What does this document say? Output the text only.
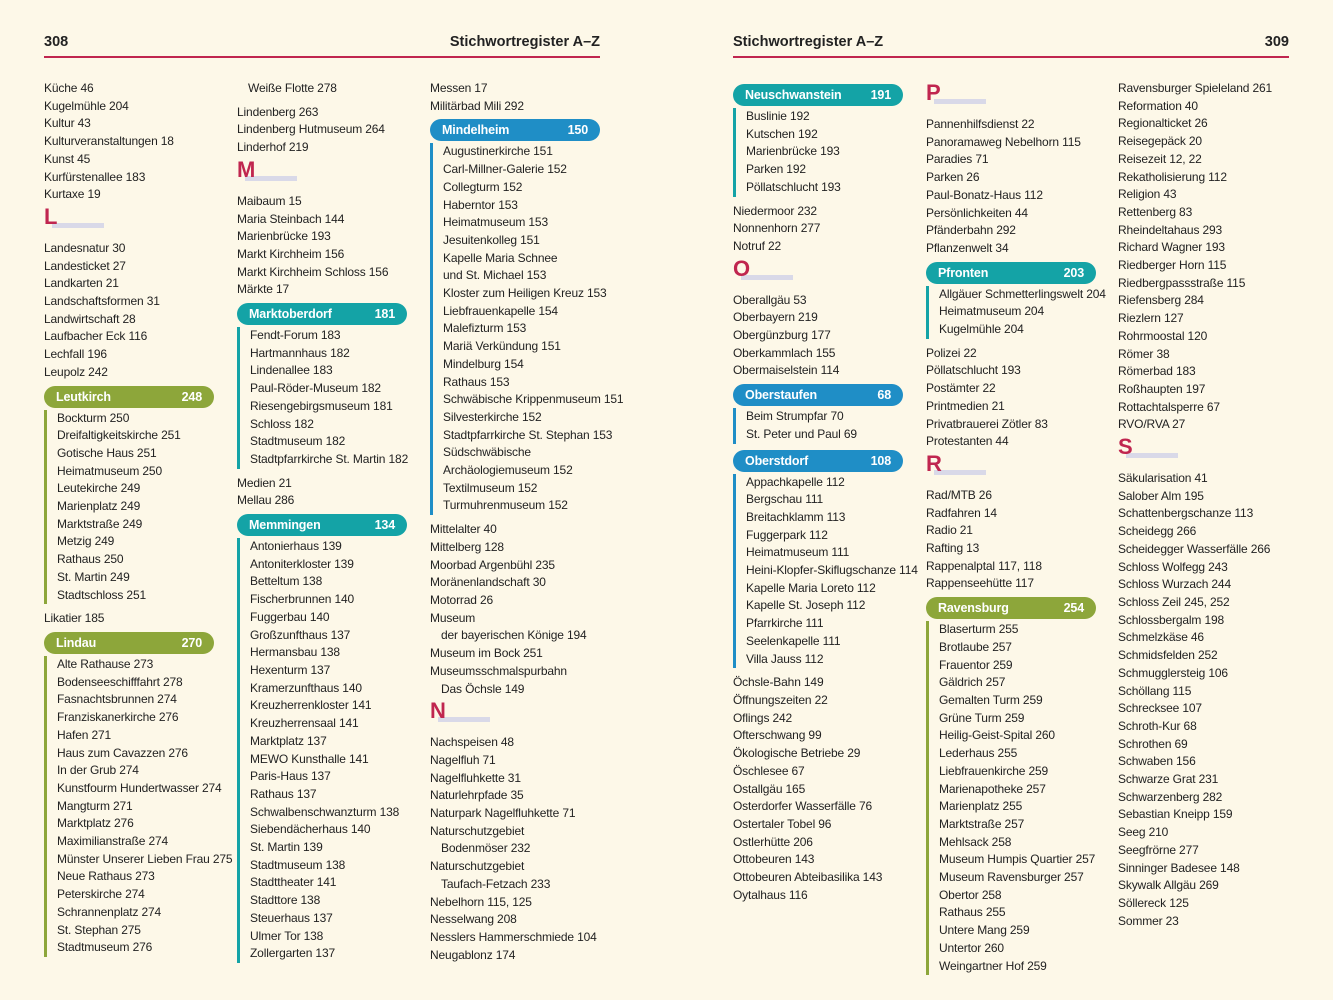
308	Stichwortregister A–Z	Stichwortregister A–Z	309
Küche 46
Kugelmühle 204
Kultur 43
Kulturveranstaltungen 18
Kunst 45
Kurfürstenallee 183
Kurtaxe 19
L
Landesnatur 30
Landesticket 27
Landkarten 21
Landschaftsformen 31
Landwirtschaft 28
Laufbacher Eck 116
Lechfall 196
Leupolz 242
Leutkirch	248
Bockturm 250
Dreifaltigkeitskirche 251
Gotische Haus 251
Heimatmuseum 250
Leutekirche 249
Marienplatz 249
Marktstraße 249
Metzig 249
Rathaus 250
St. Martin 249
Stadtschloss 251
Likatier 185
Lindau	270
Alte Rathause 273
Bodenseeschifffahrt 278
Fasnachtsbrunnen 274
Franziskanerkirche 276
Hafen 271
Haus zum Cavazzen 276
In der Grub 274
Kunstfourm Hundertwasser 274
Mangturm 271
Marktplatz 276
Maximilianstraße 274
Münster Unserer Lieben Frau 275
Neue Rathaus 273
Peterskirche 274
Schrannenplatz 274
St. Stephan 275
Stadtmuseum 276
Weiße Flotte 278
Lindenberg 263
Lindenberg Hutmuseum 264
Linderhof 219
M
Maibaum 15
Maria Steinbach 144
Marienbrücke 193
Markt Kirchheim 156
Markt Kirchheim Schloss 156
Märkte 17
Marktoberdorf	181
Fendt-Forum 183
Hartmannhaus 182
Lindenallee 183
Paul-Röder-Museum 182
Riesengebirgsmuseum 181
Schloss 182
Stadtmuseum 182
Stadtpfarrkirche St. Martin 182
Medien 21
Mellau 286
Memmingen	134
Antonierhaus 139
Antoniterkloster 139
Betteltum 138
Fischerbrunnen 140
Fuggerbau 140
Großzunfthaus 137
Hermansbau 138
Hexenturm 137
Kramerzunfthaus 140
Kreuzherrenkloster 141
Kreuzherrensaal 141
Marktplatz 137
MEWO Kunsthalle 141
Paris-Haus 137
Rathaus 137
Schwalbenschwanzturm 138
Siebendächerhaus 140
St. Martin 139
Stadtmuseum 138
Stadttheater 141
Stadttore 138
Steuerhaus 137
Ulmer Tor 138
Zollergarten 137
Messen 17
Militärbad Mili 292
Mindelheim	150
Augustinerkirche 151
Carl-Millner-Galerie 152
Collegturm 152
Haberntor 153
Heimatmuseum 153
Jesuitenkolleg 151
Kapelle Maria Schnee
und St. Michael 153
Kloster zum Heiligen Kreuz 153
Liebfrauenkapelle 154
Malefizturm 153
Mariä Verkündung 151
Mindelburg 154
Rathaus 153
Schwäbische Krippenmuseum 151
Silvesterkirche 152
Stadtpfarrkirche St. Stephan 153
Südschwäbische
Archäologiemuseum 152
Textilmuseum 152
Turmuhrenmuseum 152
Mittelalter 40
Mittelberg 128
Moorbad Argenbühl 235
Moränenlandschaft 30
Motorrad 26
Museum
der bayerischen Könige 194
Museum im Bock 251
Museumsschmalspurbahn
Das Öchsle 149
N
Nachspeisen 48
Nagelfluh 71
Nagelfluhkette 31
Naturlehrpfade 35
Naturpark Nagelfluhkette 71
Naturschutzgebiet
Bodenmöser 232
Naturschutzgebiet
Taufach-Fetzach 233
Nebelhorn 115, 125
Nesselwang 208
Nesslers Hammerschmiede 104
Neugablonz 174
Neuschwanstein 191
Buslinie 192
Kutschen 192
Marienbrücke 193
Parken 192
Pöllatschlucht 193
Niedermoor 232
Nonnenhorn 277
Notruf 22
O
Oberallgäu 53
Oberbayern 219
Obergünzburg 177
Oberkammlach 155
Obermaiselstein 114
Oberstaufen	68
Beim Strumpfar 70
St. Peter und Paul 69
Oberstdorf	108
Appachkapelle 112
Bergschau 111
Breitachklamm 113
Fuggerpark 112
Heimatmuseum 111
Heini-Klopfer-Skiflugschanze 114
Kapelle Maria Loreto 112
Kapelle St. Joseph 112
Pfarrkirche 111
Seelenkapelle 111
Villa Jauss 112
Öchsle-Bahn 149
Öffnungszeiten 22
Oflings 242
Ofterschwang 99
Ökologische Betriebe 29
Öschlesee 67
Ostallgäu 165
Osterdorfer Wasserfälle 76
Ostertaler Tobel 96
Ostlerhütte 206
Ottobeuren 143
Ottobeuren Abteibasilika 143
Oytalhaus 116
P
Pannenhilfsdienst 22
Panoramaweg Nebelhorn 115
Paradies 71
Parken 26
Paul-Bonatz-Haus 112
Persönlichkeiten 44
Pfänderbahn 292
Pflanzenwelt 34
Pfronten	203
Allgäuer Schmetterlingswelt 204
Heimatmuseum 204
Kugelmühle 204
Polizei 22
Pöllatschlucht 193
Postämter 22
Printmedien 21
Privatbrauerei Zötler 83
Protestanten 44
R
Rad/MTB 26
Radfahren 14
Radio 21
Rafting 13
Rappenalptal 117, 118
Rappenseehütte 117
Ravensburg	254
Blaserturm 255
Brotlaube 257
Frauentor 259
Gäldrich 257
Gemalten Turm 259
Grüne Turm 259
Heilig-Geist-Spital 260
Lederhaus 255
Liebfrauenkirche 259
Marienapotheke 257
Marienplatz 255
Marktstraße 257
Mehlsack 258
Museum Humpis Quartier 257
Museum Ravensburger 257
Obertor 258
Rathaus 255
Untere Mang 259
Untertor 260
Weingartner Hof 259
Ravensburger Spieleland 261
Reformation 40
Regionalticket 26
Reisegepäck 20
Reisezeit 12, 22
Rekatholisierung 112
Religion 43
Rettenberg 83
Rheindeltahaus 293
Richard Wagner 193
Riedberger Horn 115
Riedbergpassstraße 115
Riefensberg 284
Riezlern 127
Rohrmoostal 120
Römer 38
Römerbad 183
Roßhaupten 197
Rottachtalsperre 67
RVO/RVA 27
S
Säkularisation 41
Salober Alm 195
Schattenbergschanze 113
Scheidegg 266
Scheidegger Wasserfälle 266
Schloss Wolfegg 243
Schloss Wurzach 244
Schloss Zeil 245, 252
Schlossbergalm 198
Schmelzkäse 46
Schmidsfelden 252
Schmugglersteig 106
Schöllang 115
Schrecksee 107
Schroth-Kur 68
Schrothen 69
Schwaben 156
Schwarze Grat 231
Schwarzenberg 282
Sebastian Kneipp 159
Seeg 210
Seegfrörne 277
Sinninger Badesee 148
Skywalk Allgäu 269
Söllereck 125
Sommer 23
